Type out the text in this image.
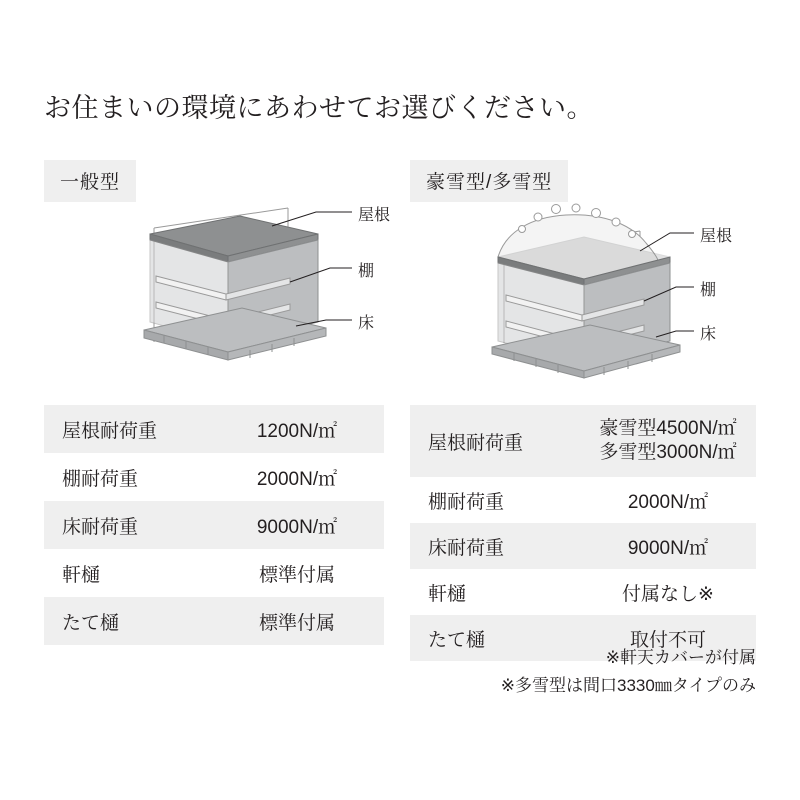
お住まいの環境にあわせてお選びください。
一般型	豪雪型/多雪型
屋根
棚
床
屋根
棚
床
屋根耐荷重	1200N/㎡
棚耐荷重	2000N/㎡
床耐荷重	9000N/㎡
軒樋	標準付属
たて樋	標準付属
屋根耐荷重	豪雪型4500N/㎡
多雪型3000N/㎡

棚耐荷重	2000N/㎡
床耐荷重	9000N/㎡
軒樋	付属なし※
たて樋	取付不可
※軒天カバーが付属
※多雪型は間口3330㎜タイプのみ
